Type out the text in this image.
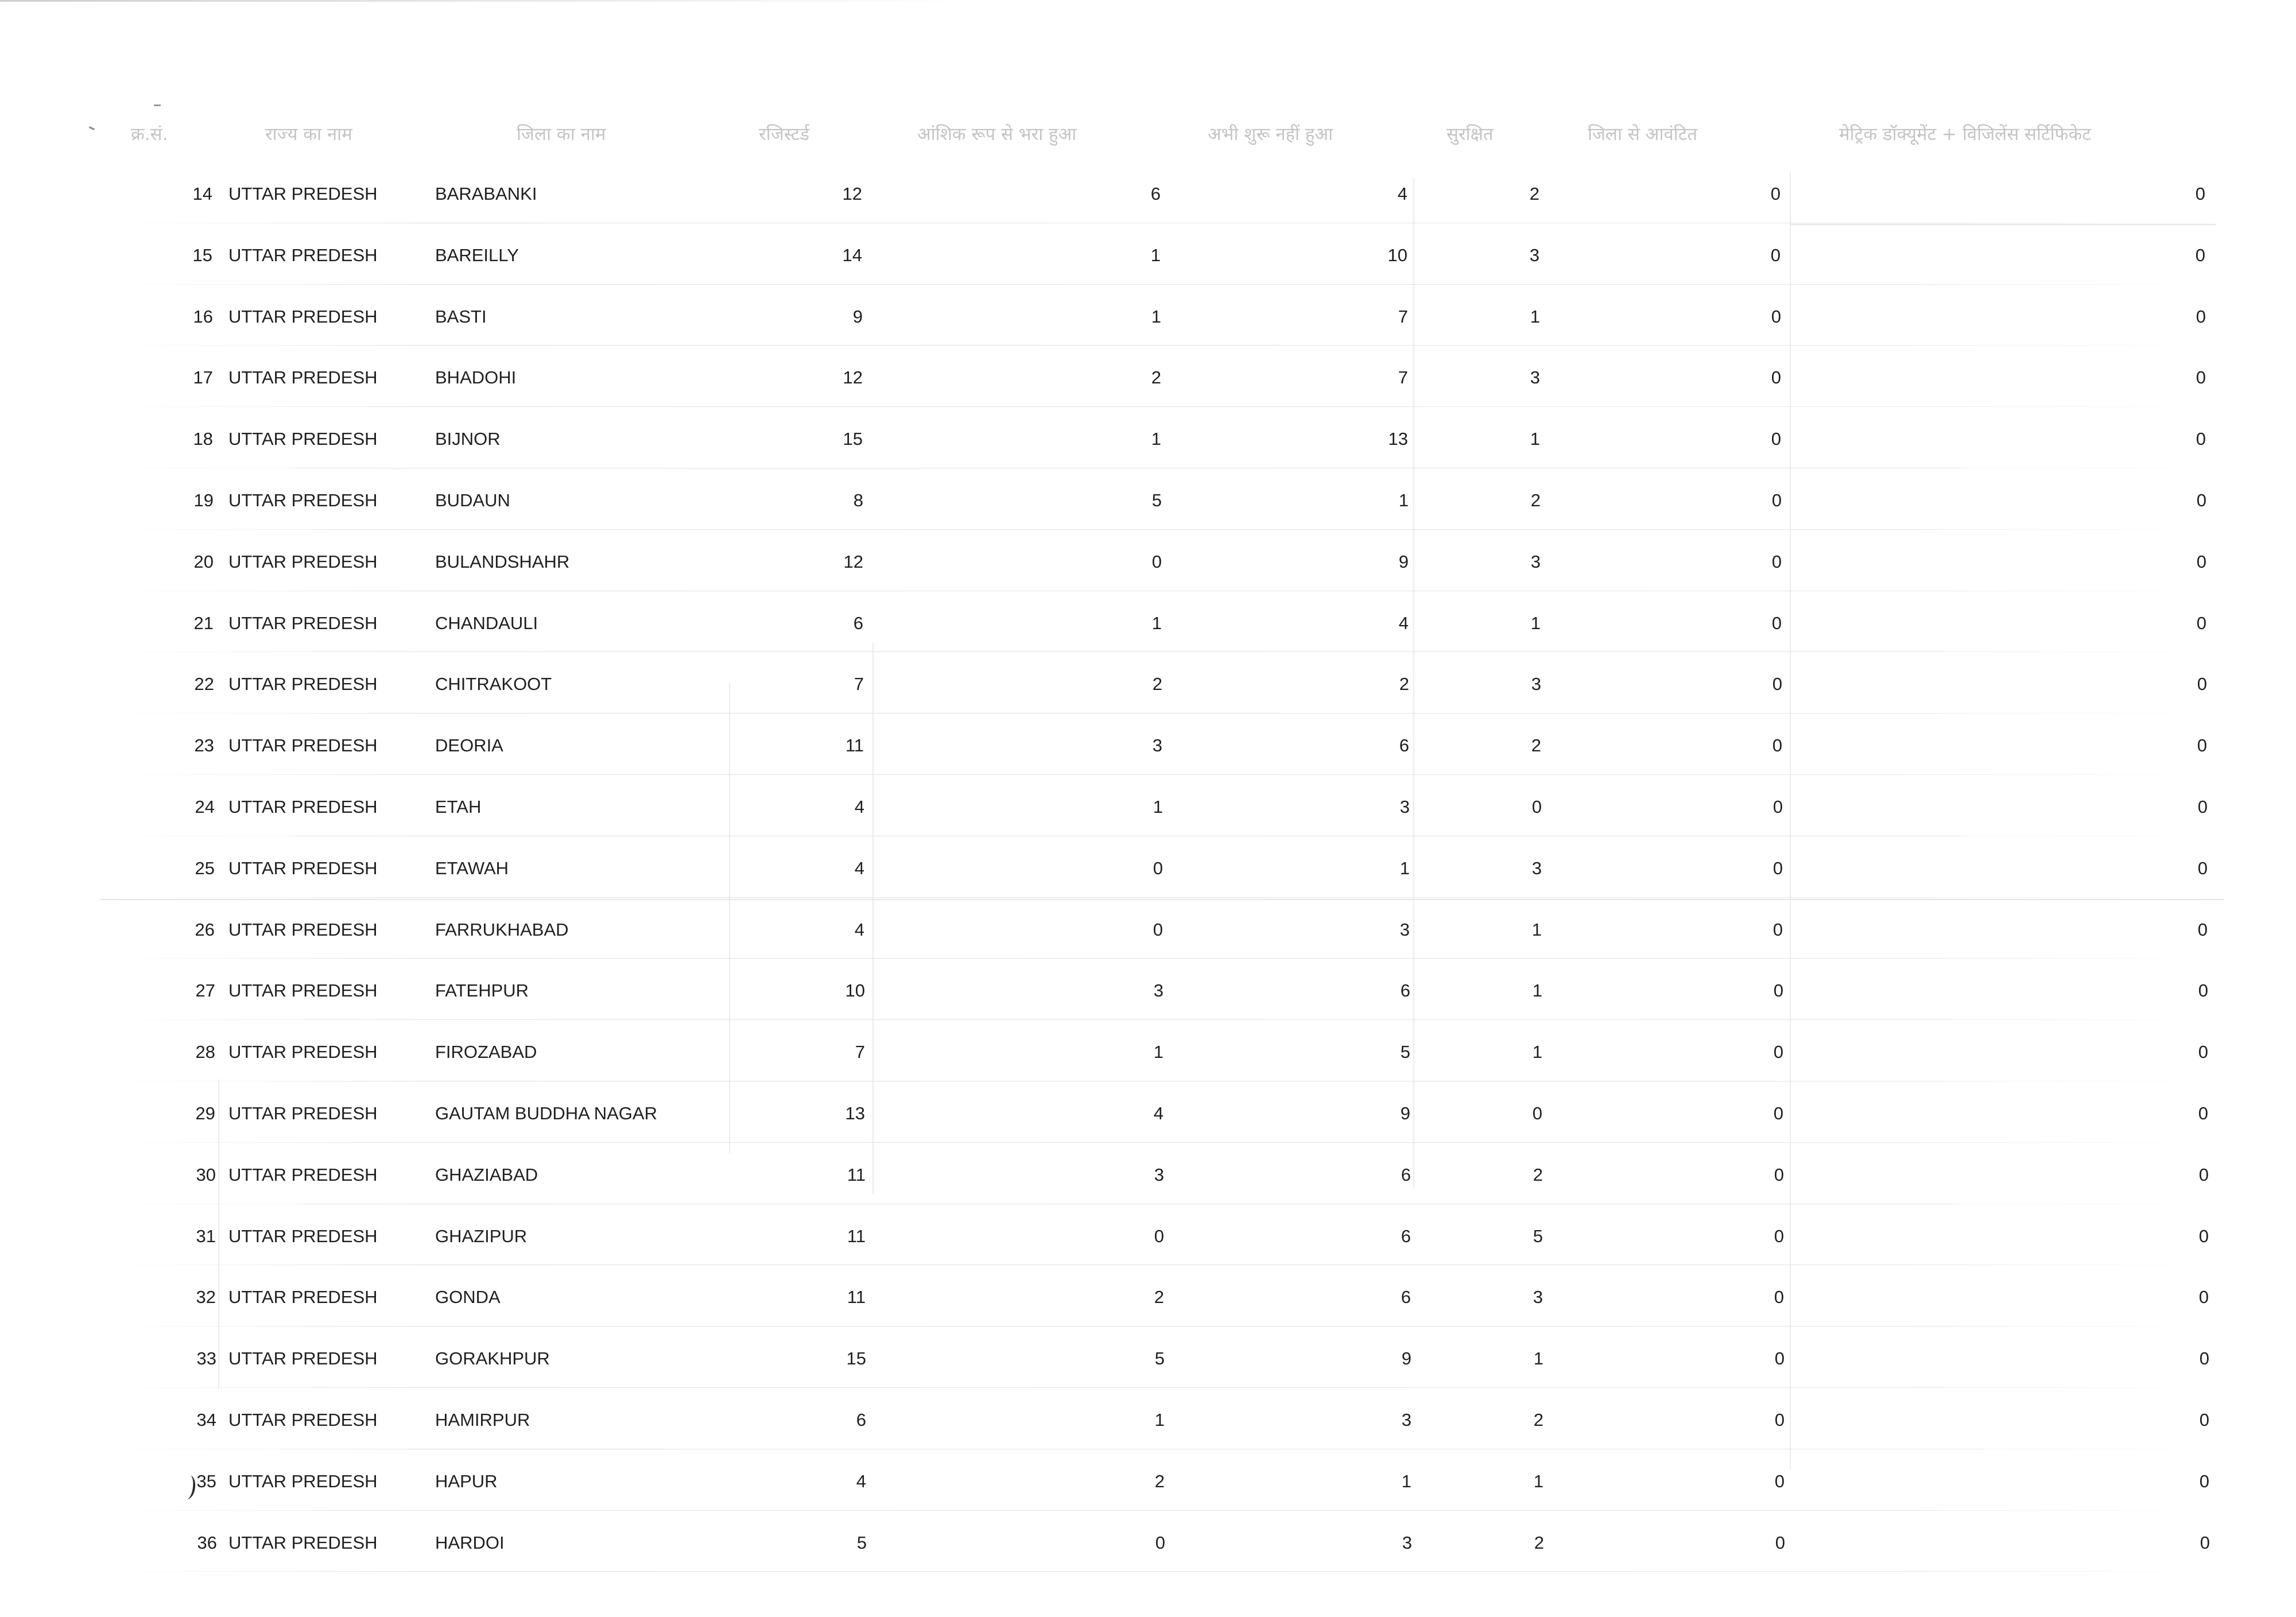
क्र.सं.	राज्य का नाम	जिला का नाम	रजिस्टर्ड	आंशिक रूप से भरा हुआ	अभी शुरू नहीं हुआ	सुरक्षित	जिला से आवंटित	मेट्रिक डॉक्यूमेंट + विजिलेंस सर्टिफिकेट
14 UTTAR PREDESH	BARABANKI	12	6	4	2	0	0
15 UTTAR PREDESH	BAREILLY	14	1	10	3	0	0
16 UTTAR PREDESH	BASTI	9	1	7	1	0	0
17 UTTAR PREDESH	BHADOHI	12	2	7	3	0	0
18 UTTAR PREDESH	BIJNOR	15	1	13	1	0	0
19 UTTAR PREDESH	BUDAUN	8	5	1	2	0	0
20 UTTAR PREDESH	BULANDSHAHR	12	0	9	3	0	0
21 UTTAR PREDESH	CHANDAULI	6	1	4	1	0	0
22 UTTAR PREDESH	CHITRAKOOT	7	2	2	3	0	0
23 UTTAR PREDESH	DEORIA	11	3	6	2	0	0
24 UTTAR PREDESH	ETAH	4	1	3	0	0	0
25 UTTAR PREDESH	ETAWAH	4	0	1	3	0	0
26 UTTAR PREDESH	FARRUKHABAD	4	0	3	1	0	0
27 UTTAR PREDESH	FATEHPUR	10	3	6	1	0	0
28 UTTAR PREDESH	FIROZABAD	7	1	5	1	0	0
29 UTTAR PREDESH	GAUTAM BUDDHA NAGAR	13	4	9	0	0	0
30 UTTAR PREDESH	GHAZIABAD	11	3	6	2	0	0
31 UTTAR PREDESH	GHAZIPUR	11	0	6	5	0	0
32 UTTAR PREDESH	GONDA	11	2	6	3	0	0
33 UTTAR PREDESH	GORAKHPUR	15	5	9	1	0	0
34 UTTAR PREDESH	HAMIRPUR	6	1	3	2	0	0
35 UTTAR PREDESH	HAPUR	4	2	1	1	0	0
36 UTTAR PREDESH	HARDOI	5	0	3	2	0	0
